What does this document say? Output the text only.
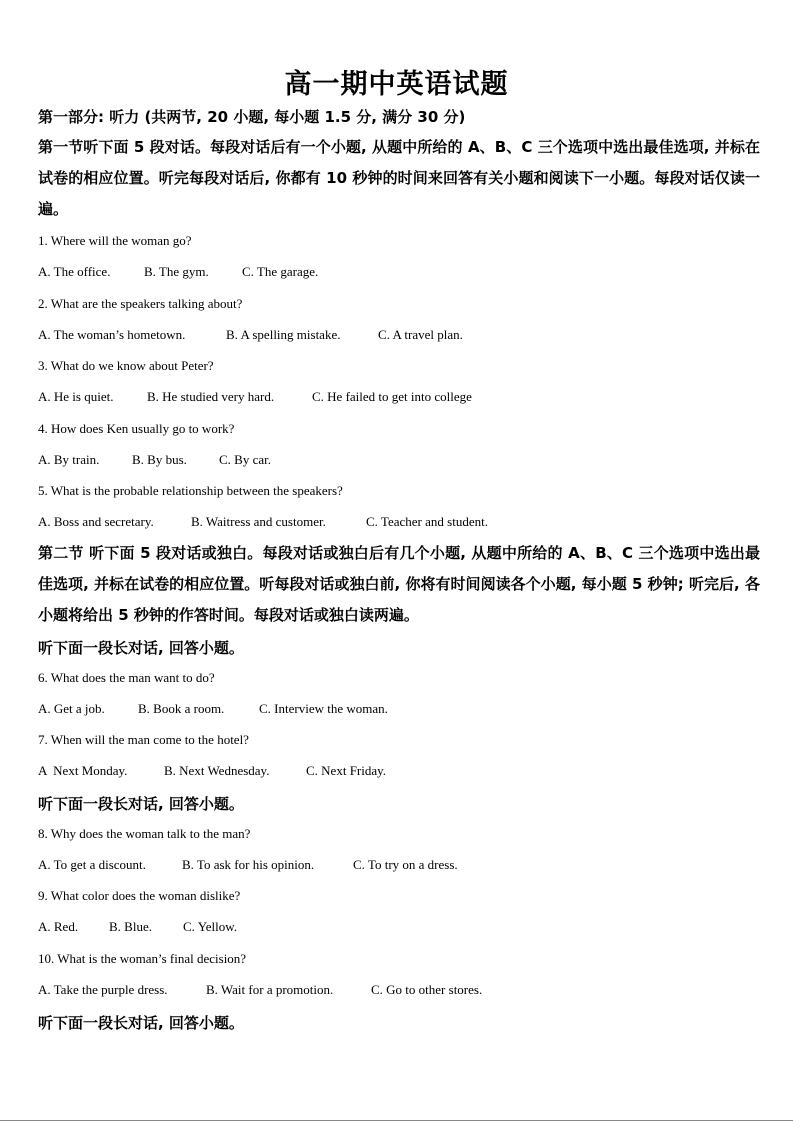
高一期中英语试题
第一部分: 听力 (共两节, 20 小题, 每小题 1.5 分, 满分 30 分)
第一节听下面 5 段对话。每段对话后有一个小题, 从题中所给的 A、B、C 三个选项中选出最佳选项, 并标在试卷的相应位置。听完每段对话后, 你都有 10 秒钟的时间来回答有关小题和阅读下一小题。每段对话仅读一遍。
1. Where will the woman go?
A. The office.	B. The gym.	C. The garage.
2. What are the speakers talking about?
A. The woman’s hometown.	B. A spelling mistake.	C. A travel plan.
3. What do we know about Peter?
A. He is quiet.	B. He studied very hard.	C. He failed to get into college
4. How does Ken usually go to work?
A. By train.	B. By bus. C. By car.
5. What is the probable relationship between the speakers?
A. Boss and secretary.	B. Waitress and customer.	C. Teacher and student.
第二节 听下面 5 段对话或独白。每段对话或独白后有几个小题, 从题中所给的 A、B、C 三个选项中选出最佳选项, 并标在试卷的相应位置。听每段对话或独白前, 你将有时间阅读各个小题, 每小题 5 秒钟; 听完后, 各小题将给出 5 秒钟的作答时间。每段对话或独白读两遍。
听下面一段长对话, 回答小题。
6. What does the man want to do?
A. Get a job.	B. Book a room.	C. Interview the woman.
7. When will the man come to the hotel?
A  Next Monday.	B. Next Wednesday.	C. Next Friday.
听下面一段长对话, 回答小题。
8. Why does the woman talk to the man?
A. To get a discount.	B. To ask for his opinion.	C. To try on a dress.
9. What color does the woman dislike?
A. Red. B. Blue. C. Yellow.
10. What is the woman’s final decision?
A. Take the purple dress.	B. Wait for a promotion.	C. Go to other stores.
听下面一段长对话, 回答小题。
